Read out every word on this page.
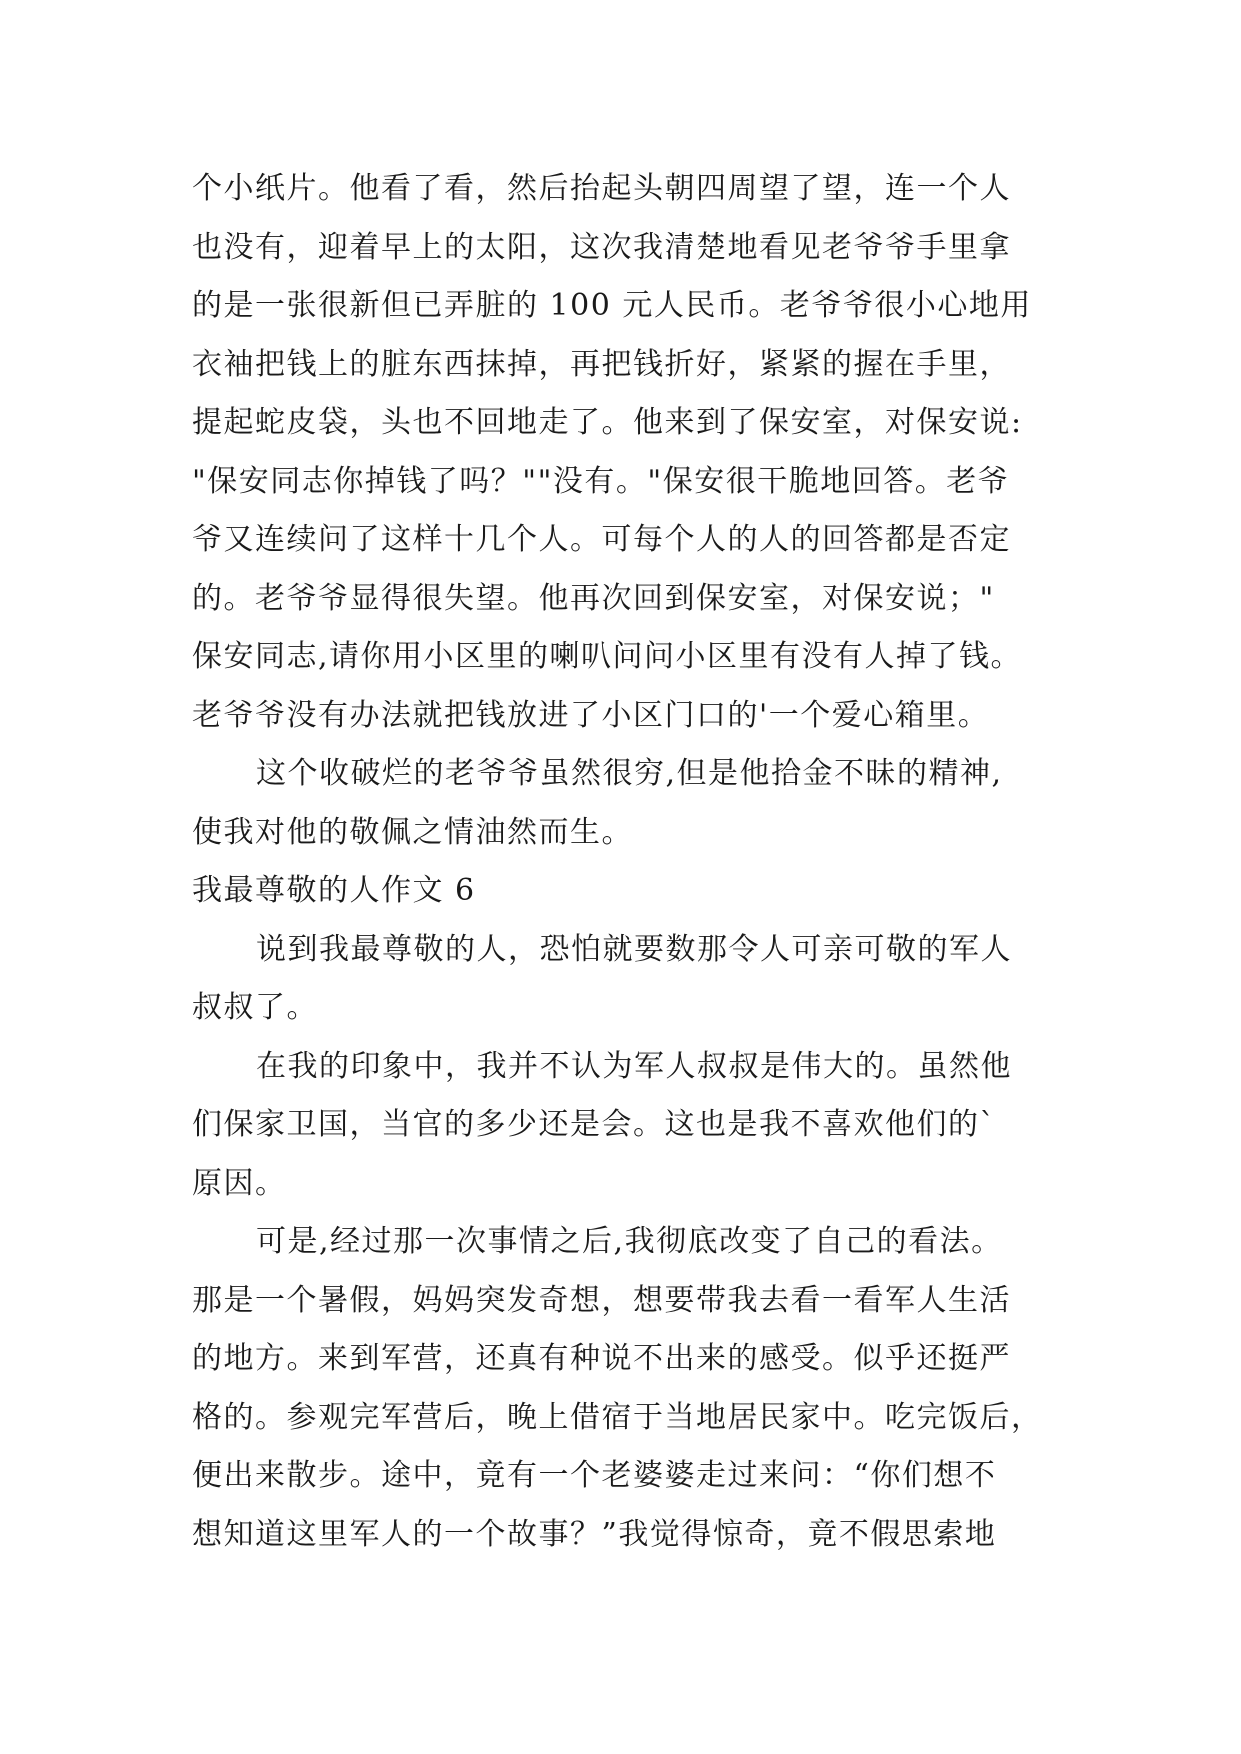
个小纸片。他看了看，然后抬起头朝四周望了望，连一个人
也没有，迎着早上的太阳，这次我清楚地看见老爷爷手里拿
的是一张很新但已弄脏的 100 元人民币。老爷爷很小心地用
衣袖把钱上的脏东西抹掉，再把钱折好，紧紧的握在手里，
提起蛇皮袋，头也不回地走了。他来到了保安室，对保安说:
"保安同志你掉钱了吗？""没有。"保安很干脆地回答。老爷
爷又连续问了这样十几个人。可每个人的人的回答都是否定
的。老爷爷显得很失望。他再次回到保安室，对保安说；"
保安同志,请你用小区里的喇叭问问小区里有没有人掉了钱。
老爷爷没有办法就把钱放进了小区门口的'一个爱心箱里。
这个收破烂的老爷爷虽然很穷,但是他拾金不昧的精神,
使我对他的敬佩之情油然而生。
我最尊敬的人作文 6
说到我最尊敬的人，恐怕就要数那令人可亲可敬的军人
叔叔了。
在我的印象中，我并不认为军人叔叔是伟大的。虽然他
们保家卫国，当官的多少还是会。这也是我不喜欢他们的`
原因。
可是,经过那一次事情之后,我彻底改变了自己的看法。
那是一个暑假，妈妈突发奇想，想要带我去看一看军人生活
的地方。来到军营，还真有种说不出来的感受。似乎还挺严
格的。参观完军营后，晚上借宿于当地居民家中。吃完饭后，
便出来散步。途中，竟有一个老婆婆走过来问：“你们想不
想知道这里军人的一个故事？”我觉得惊奇，竟不假思索地
